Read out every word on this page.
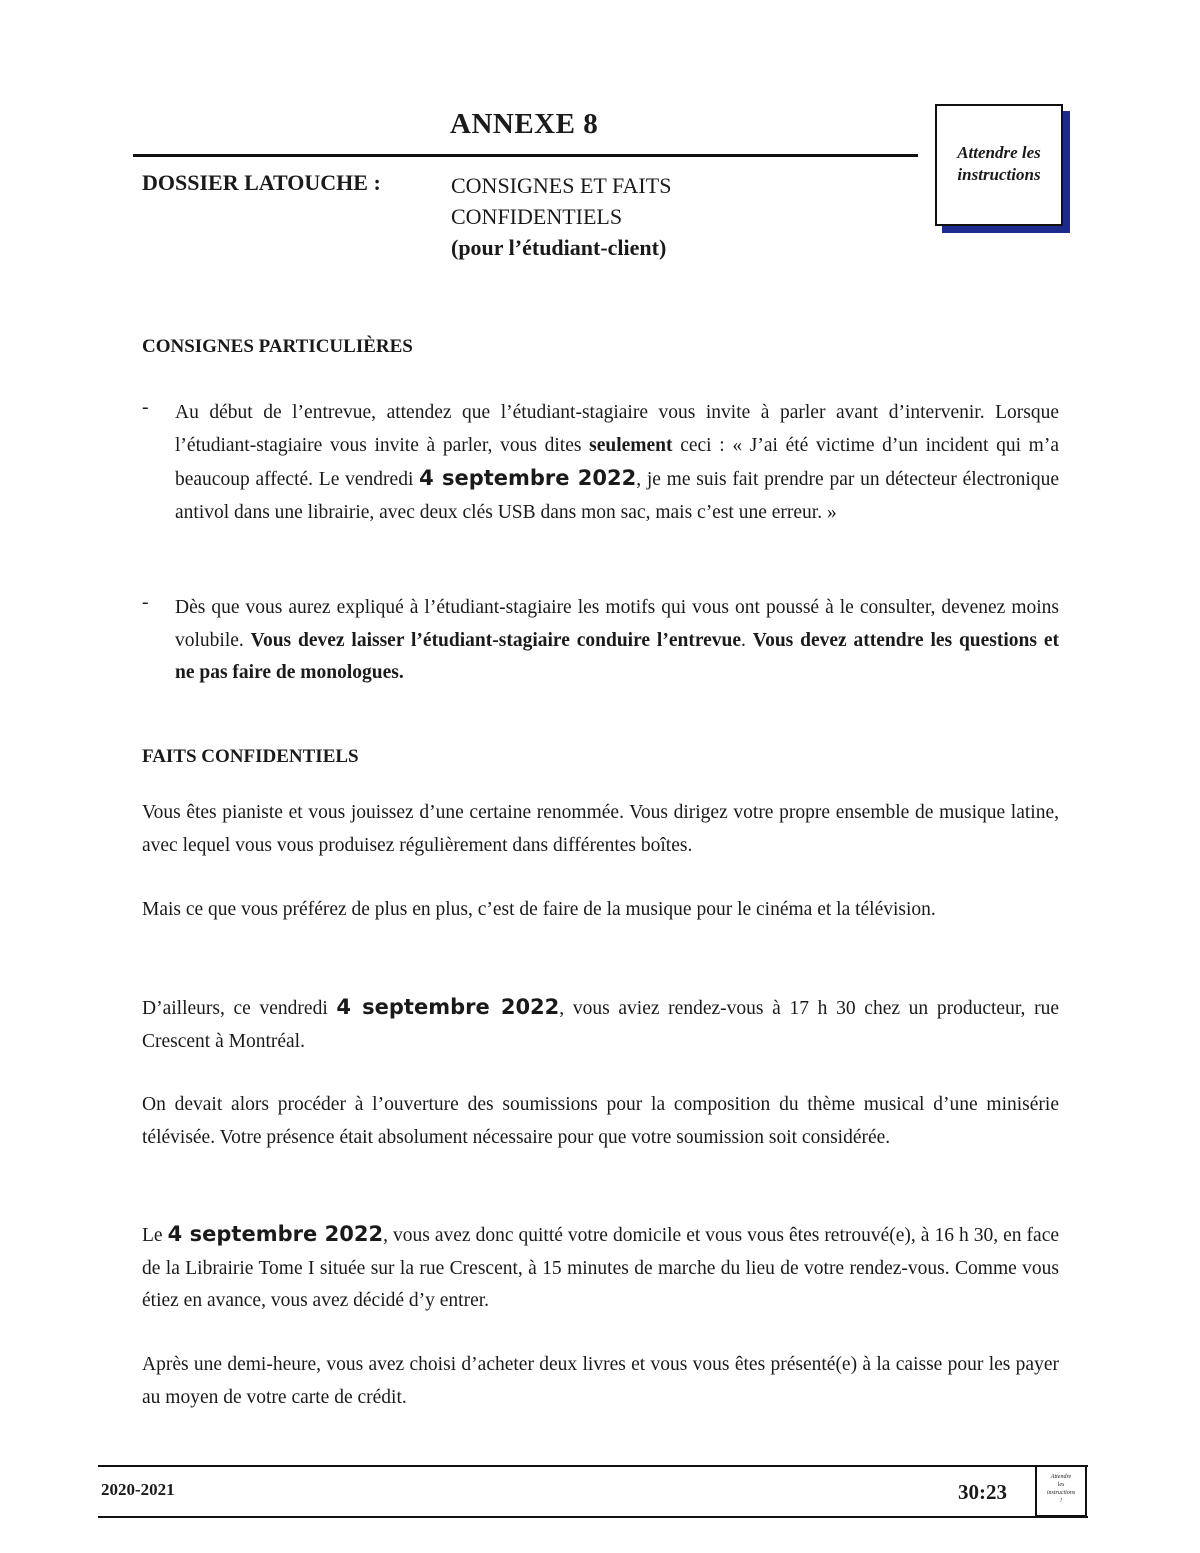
ANNEXE 8
DOSSIER LATOUCHE :	CONSIGNES ET FAITS
CONFIDENTIELS
(pour l’étudiant-client)
Attendre les
instructions
CONSIGNES PARTICULIÈRES
- Au début de l’entrevue, attendez que l’étudiant-stagiaire vous invite à parler avant d’intervenir. Lorsque l’étudiant-stagiaire vous invite à parler, vous dites seulement ceci : « J’ai été victime d’un incident qui m’a beaucoup affecté. Le vendredi 4 septembre 2022, je me suis fait prendre par un détecteur électronique antivol dans une librairie, avec deux clés USB dans mon sac, mais c’est une erreur. »
- Dès que vous aurez expliqué à l’étudiant-stagiaire les motifs qui vous ont poussé à le consulter, devenez moins volubile. Vous devez laisser l’étudiant-stagiaire conduire l’entrevue. Vous devez attendre les questions et ne pas faire de monologues.
FAITS CONFIDENTIELS
Vous êtes pianiste et vous jouissez d’une certaine renommée. Vous dirigez votre propre ensemble de musique latine, avec lequel vous vous produisez régulièrement dans différentes boîtes.
Mais ce que vous préférez de plus en plus, c’est de faire de la musique pour le cinéma et la télévision.
D’ailleurs, ce vendredi 4 septembre 2022, vous aviez rendez-vous à 17 h 30 chez un producteur, rue Crescent à Montréal.
On devait alors procéder à l’ouverture des soumissions pour la composition du thème musical d’une minisérie télévisée. Votre présence était absolument nécessaire pour que votre soumission soit considérée.
Le 4 septembre 2022, vous avez donc quitté votre domicile et vous vous êtes retrouvé(e), à 16 h 30, en face de la Librairie Tome I située sur la rue Crescent, à 15 minutes de marche du lieu de votre rendez-vous. Comme vous étiez en avance, vous avez décidé d’y entrer.
Après une demi-heure, vous avez choisi d’acheter deux livres et vous vous êtes présenté(e) à la caisse pour les payer au moyen de votre carte de crédit.
2020-2021	30:23
Attendre
les
instructions
!
